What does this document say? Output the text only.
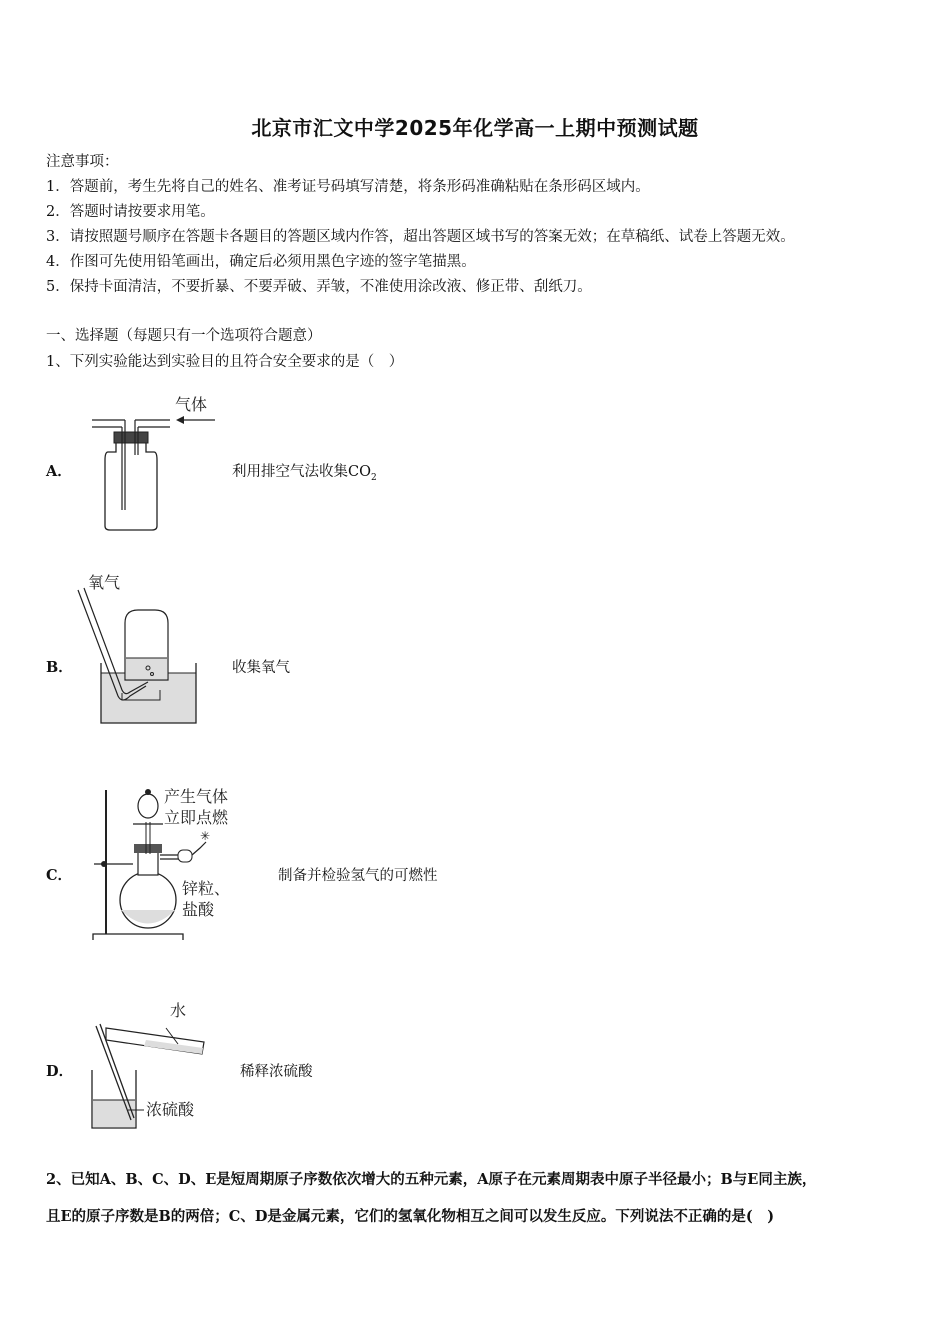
北京市汇文中学2025年化学高一上期中预测试题
注意事项：
1．答题前，考生先将自己的姓名、准考证号码填写清楚，将条形码准确粘贴在条形码区域内。
2．答题时请按要求用笔。
3．请按照题号顺序在答题卡各题目的答题区域内作答，超出答题区域书写的答案无效；在草稿纸、试卷上答题无效。
4．作图可先使用铅笔画出，确定后必须用黑色字迹的签字笔描黑。
5．保持卡面清洁，不要折暴、不要弄破、弄皱，不准使用涂改液、修正带、刮纸刀。
一、选择题（每题只有一个选项符合题意）
1、下列实验能达到实验目的且符合安全要求的是（　）
A．	利用排空气法收集$CO_2$
气体
B．	收集氧气
氧气
C．	制备并检验氢气的可燃性
✳
产生气体
立即点燃
锌粒、
盐酸
D．	稀释浓硫酸
水
浓硫酸
2、已知A、B、C、D、E是短周期原子序数依次增大的五种元素，A原子在元素周期表中原子半径最小；B与E同主族，
且E的原子序数是B的两倍；C、D是金属元素，它们的氢氧化物相互之间可以发生反应。下列说法不正确的是(　)
